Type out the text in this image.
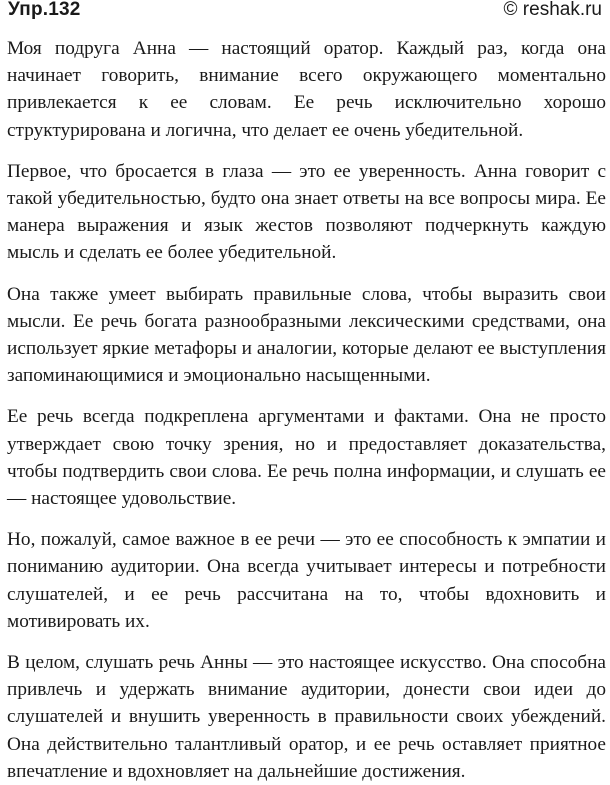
Упр.132	© reshak.ru

Моя подруга Анна — настоящий оратор. Каждый раз, когда она начинает говорить, внимание всего окружающего моментально привлекается к ее словам. Ее речь исключительно хорошо структурирована и логична, что делает ее очень убедительной.

Первое, что бросается в глаза — это ее уверенность. Анна говорит с такой убедительностью, будто она знает ответы на все вопросы мира. Ее манера выражения и язык жестов позволяют подчеркнуть каждую мысль и сделать ее более убедительной.

Она также умеет выбирать правильные слова, чтобы выразить свои мысли. Ее речь богата разнообразными лексическими средствами, она использует яркие метафоры и аналогии, которые делают ее выступления запоминающимися и эмоционально насыщенными.

Ее речь всегда подкреплена аргументами и фактами. Она не просто утверждает свою точку зрения, но и предоставляет доказательства, чтобы подтвердить свои слова. Ее речь полна информации, и слушать ее — настоящее удовольствие.

Но, пожалуй, самое важное в ее речи — это ее способность к эмпатии и пониманию аудитории. Она всегда учитывает интересы и потребности слушателей, и ее речь рассчитана на то, чтобы вдохновить и мотивировать их.

В целом, слушать речь Анны — это настоящее искусство. Она способна привлечь и удержать внимание аудитории, донести свои идеи до слушателей и внушить уверенность в правильности своих убеждений. Она действительно талантливый оратор, и ее речь оставляет приятное впечатление и вдохновляет на дальнейшие достижения.
